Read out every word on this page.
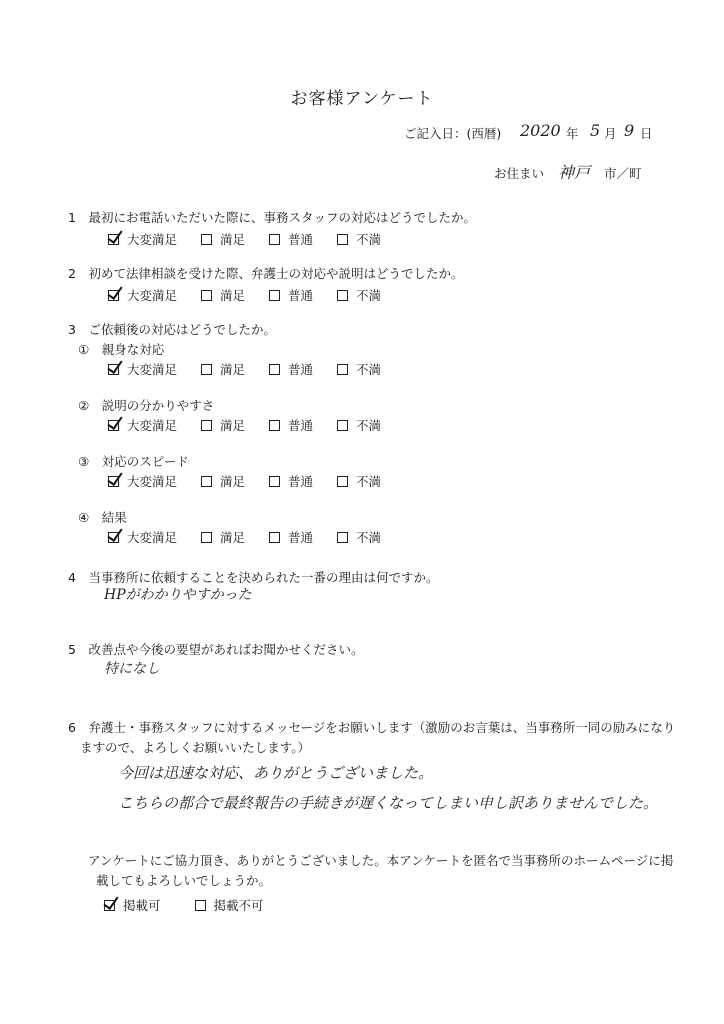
お客様アンケート
ご記入日：(西暦) 2020 年 5 月 9 日
お住まい 神戸 市／町
1　最初にお電話いただいた際に、事務スタッフの対応はどうでしたか。
大変満足	満足	普通	不満
2　初めて法律相談を受けた際、弁護士の対応や説明はどうでしたか。
大変満足	満足	普通	不満
3　ご依頼後の対応はどうでしたか。
①　親身な対応
大変満足	満足	普通	不満
②　説明の分かりやすさ
大変満足	満足	普通	不満
③　対応のスピード
大変満足	満足	普通	不満
④　結果
大変満足	満足	普通	不満
4　当事務所に依頼することを決められた一番の理由は何ですか。
HPがわかりやすかった
5　改善点や今後の要望があればお聞かせください。
特になし
6　弁護士・事務スタッフに対するメッセージをお願いします（激励のお言葉は、当事務所一同の励みになり
ますので、よろしくお願いいたします。）
今回は迅速な対応、ありがとうございました。
こちらの都合で最終報告の手続きが遅くなってしまい申し訳ありませんでした。
アンケートにご協力頂き、ありがとうございました。本アンケートを匿名で当事務所のホームページに掲
載してもよろしいでしょうか。
掲載可	掲載不可
